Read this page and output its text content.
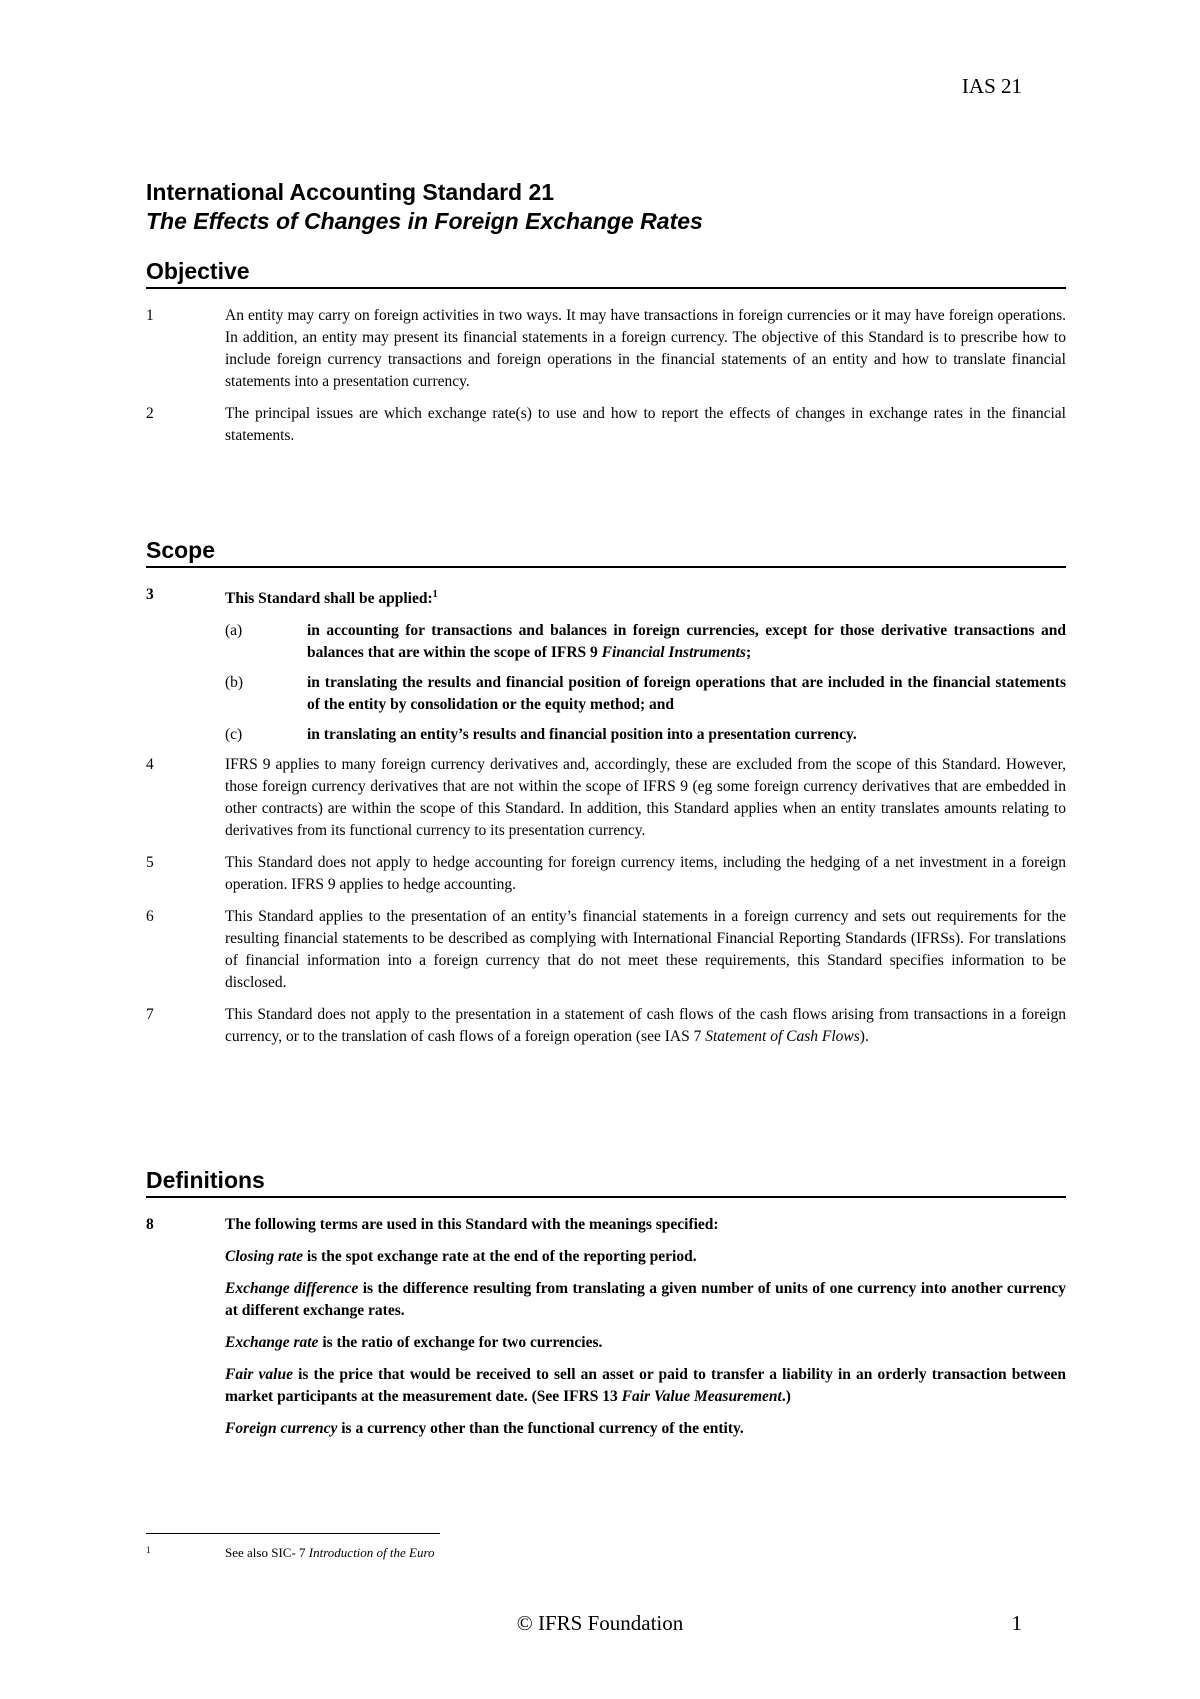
IAS 21
International Accounting Standard 21
The Effects of Changes in Foreign Exchange Rates
Objective
1	An entity may carry on foreign activities in two ways. It may have transactions in foreign currencies or it may have foreign operations. In addition, an entity may present its financial statements in a foreign currency. The objective of this Standard is to prescribe how to include foreign currency transactions and foreign operations in the financial statements of an entity and how to translate financial statements into a presentation currency.
2	The principal issues are which exchange rate(s) to use and how to report the effects of changes in exchange rates in the financial statements.
Scope
3	This Standard shall be applied:$^1$
(a)	in accounting for transactions and balances in foreign currencies, except for those derivative transactions and balances that are within the scope of IFRS 9 Financial Instruments;
(b)	in translating the results and financial position of foreign operations that are included in the financial statements of the entity by consolidation or the equity method; and
(c)	in translating an entity’s results and financial position into a presentation currency.
4	IFRS 9 applies to many foreign currency derivatives and, accordingly, these are excluded from the scope of this Standard. However, those foreign currency derivatives that are not within the scope of IFRS 9 (eg some foreign currency derivatives that are embedded in other contracts) are within the scope of this Standard. In addition, this Standard applies when an entity translates amounts relating to derivatives from its functional currency to its presentation currency.
5	This Standard does not apply to hedge accounting for foreign currency items, including the hedging of a net investment in a foreign operation. IFRS 9 applies to hedge accounting.
6	This Standard applies to the presentation of an entity’s financial statements in a foreign currency and sets out requirements for the resulting financial statements to be described as complying with International Financial Reporting Standards (IFRSs). For translations of financial information into a foreign currency that do not meet these requirements, this Standard specifies information to be disclosed.
7	This Standard does not apply to the presentation in a statement of cash flows of the cash flows arising from transactions in a foreign currency, or to the translation of cash flows of a foreign operation (see IAS 7 Statement of Cash Flows).
Definitions
8	The following terms are used in this Standard with the meanings specified:
Closing rate is the spot exchange rate at the end of the reporting period.
Exchange difference is the difference resulting from translating a given number of units of one currency into another currency at different exchange rates.
Exchange rate is the ratio of exchange for two currencies.
Fair value is the price that would be received to sell an asset or paid to transfer a liability in an orderly transaction between market participants at the measurement date. (See IFRS 13 Fair Value Measurement.)
Foreign currency is a currency other than the functional currency of the entity.
1	See also SIC- 7 Introduction of the Euro
© IFRS Foundation	1
